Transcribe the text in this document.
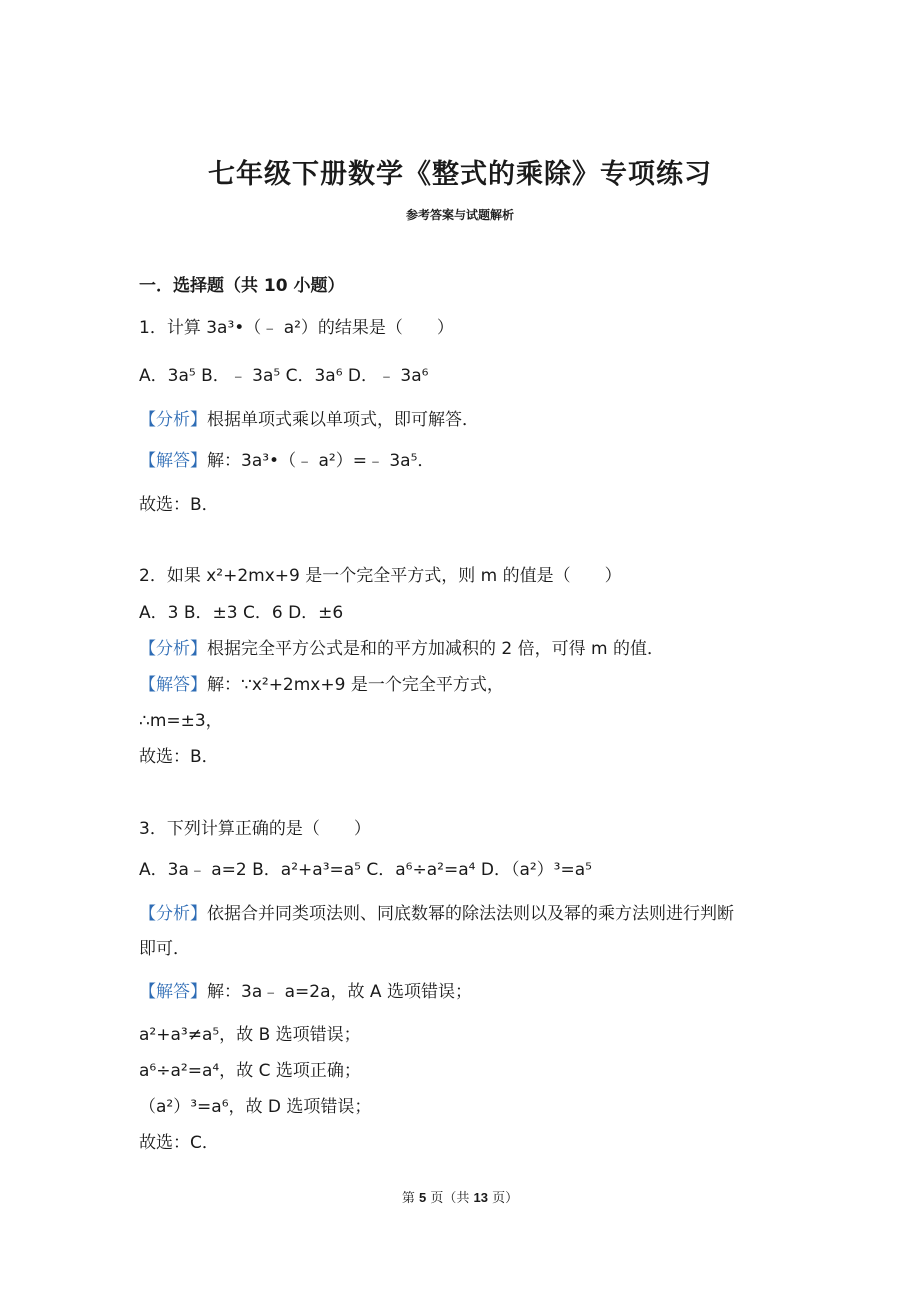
七年级下册数学《整式的乘除》专项练习
参考答案与试题解析
一．选择题（共 10 小题）
1．计算 3a³•（﹣ a²）的结果是（　　）
A．3a⁵ B．﹣ 3a⁵ C．3a⁶ D．﹣ 3a⁶
【分析】根据单项式乘以单项式，即可解答．
【解答】解：3a³•（﹣ a²）=﹣ 3a⁵．
故选：B．
2．如果 x²+2mx+9 是一个完全平方式，则 m 的值是（　　）
A．3 B．±3 C．6 D．±6
【分析】根据完全平方公式是和的平方加减积的 2 倍，可得 m 的值．
【解答】解：∵x²+2mx+9 是一个完全平方式，
∴m=±3，
故选：B．
3．下列计算正确的是（　　）
A．3a﹣ a=2 B．a²+a³=a⁵ C．a⁶÷a²=a⁴ D．（a²）³=a⁵
【分析】依据合并同类项法则、同底数幂的除法法则以及幂的乘方法则进行判断
即可．
【解答】解：3a﹣ a=2a，故 A 选项错误；
a²+a³≠a⁵，故 B 选项错误；
a⁶÷a²=a⁴，故 C 选项正确；
（a²）³=a⁶，故 D 选项错误；
故选：C．
第 5 页（共 13 页）
